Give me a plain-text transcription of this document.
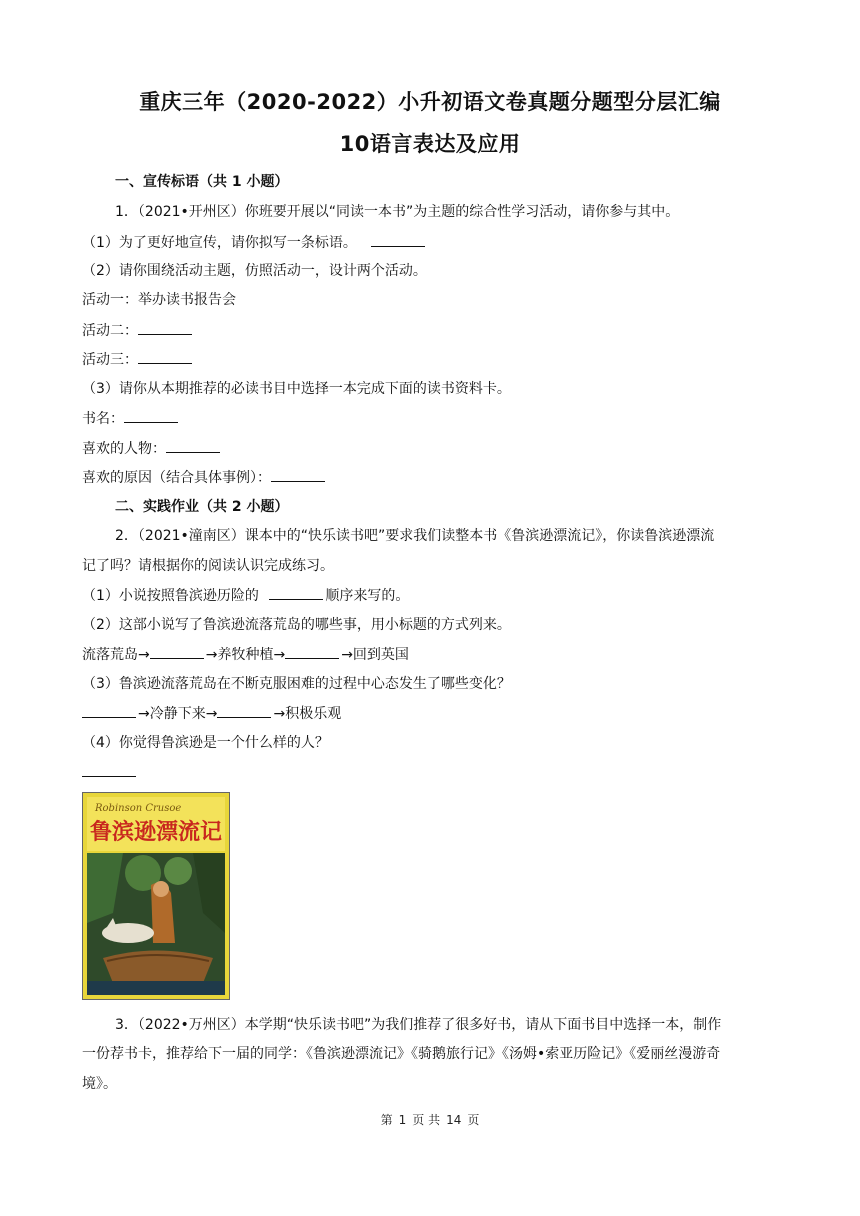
重庆三年（2020-2022）小升初语文卷真题分题型分层汇编
10语言表达及应用
一、宣传标语（共 1 小题）
1．（2021•开州区）你班要开展以“同读一本书”为主题的综合性学习活动，请你参与其中。
（1）为了更好地宣传，请你拟写一条标语。
（2）请你围绕活动主题，仿照活动一，设计两个活动。
活动一：举办读书报告会
活动二：
活动三：
（3）请你从本期推荐的必读书目中选择一本完成下面的读书资料卡。
书名：
喜欢的人物：
喜欢的原因（结合具体事例）：
二、实践作业（共 2 小题）
2．（2021•潼南区）课本中的“快乐读书吧”要求我们读整本书《鲁滨逊漂流记》，你读鲁滨逊漂流
记了吗？请根据你的阅读认识完成练习。
（1）小说按照鲁滨逊历险的	顺序来写的。
（2）这部小说写了鲁滨逊流落荒岛的哪些事，用小标题的方式列来。
流落荒岛→	→养牧种植→	→回到英国
（3）鲁滨逊流落荒岛在不断克服困难的过程中心态发生了哪些变化？
→冷静下来→	→积极乐观
（4）你觉得鲁滨逊是一个什么样的人？
Robinson Crusoe
鲁滨逊漂流记
3．（2022•万州区）本学期“快乐读书吧”为我们推荐了很多好书，请从下面书目中选择一本，制作
一份荐书卡，推荐给下一届的同学：《鲁滨逊漂流记》《骑鹅旅行记》《汤姆•索亚历险记》《爱丽丝漫游奇
境》。
第 1 页 共 14 页
